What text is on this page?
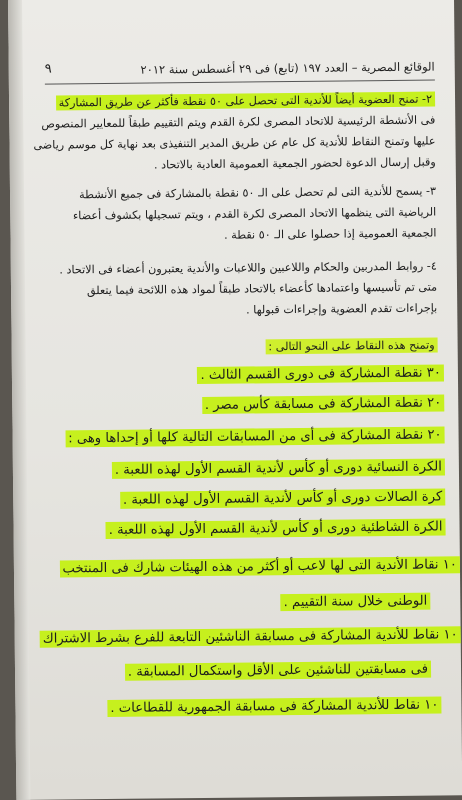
الوقائع المصرية – العدد ١٩٧ (تابع) فى ٢٩ أغسطس سنة ٢٠١٢
٩
٢- تمنح العضوية أيضاً للأندية التى تحصل على ٥٠ نقطة فأكثر عن طريق المشاركة
فى الأنشطة الرئيسية للاتحاد المصرى لكرة القدم ويتم التقييم طبقاً للمعايير المنصوص
عليها وتمنح النقاط للأندية كل عام عن طريق المدير التنفيذى بعد نهاية كل موسم رياضى
وقبل إرسال الدعوة لحضور الجمعية العمومية العادية بالاتحاد .
٣- يسمح للأندية التى لم تحصل على الـ ٥٠ نقطة بالمشاركة فى جميع الأنشطة
الرياضية التى ينظمها الاتحاد المصرى لكرة القدم ، ويتم تسجيلها بكشوف أعضاء
الجمعية العمومية إذا حصلوا على الـ ٥٠ نقطة .
٤- روابط المدربين والحكام واللاعبين واللاعبات والأندية يعتبرون أعضاء فى الاتحاد .
متى تم تأسيسها واعتمادها كأعضاء بالاتحاد طبقاً لمواد هذه اللائحة فيما يتعلق
بإجراءات تقدم العضوية وإجراءات قبولها .
وتمنح هذه النقاط على النحو التالى :
٣٠ نقطة المشاركة فى دورى القسم الثالث .
٢٠ نقطة المشاركة فى مسابقة كأس مصر .
٢٠ نقطة المشاركة فى أى من المسابقات التالية كلها أو إحداها وهى :
الكرة النسائية دورى أو كأس لأندية القسم الأول لهذه اللعبة .
كرة الصالات دورى أو كأس لأندية القسم الأول لهذه اللعبة .
الكرة الشاطئية دورى أو كأس لأندية القسم الأول لهذه اللعبة .
١٠ نقاط الأندية التى لها لاعب أو أكثر من هذه الهيئات شارك فى المنتخب
الوطنى خلال سنة التقييم .
١٠ نقاط للأندية المشاركة فى مسابقة الناشئين التابعة للفرع بشرط الاشتراك
فى مسابقتين للناشئين على الأقل واستكمال المسابقة .
١٠ نقاط للأندية المشاركة فى مسابقة الجمهورية للقطاعات .
